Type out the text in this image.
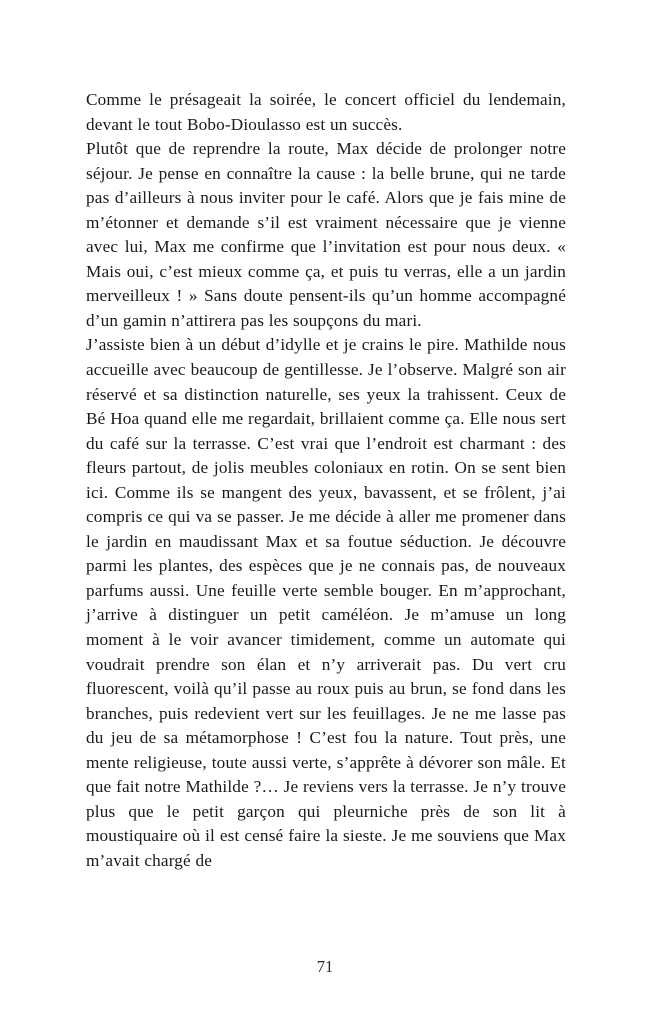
Comme le présageait la soirée, le concert officiel du lendemain, devant le tout Bobo-Dioulasso est un succès.

Plutôt que de reprendre la route, Max décide de prolonger notre séjour. Je pense en connaître la cause : la belle brune, qui ne tarde pas d’ailleurs à nous inviter pour le café. Alors que je fais mine de m’étonner et demande s’il est vraiment nécessaire que je vienne avec lui, Max me confirme que l’invitation est pour nous deux. « Mais oui, c’est mieux comme ça, et puis tu verras, elle a un jardin merveilleux ! » Sans doute pensent-ils qu’un homme accompagné d’un gamin n’attirera pas les soupçons du mari.

J’assiste bien à un début d’idylle et je crains le pire. Mathilde nous accueille avec beaucoup de gentillesse. Je l’observe. Malgré son air réservé et sa distinction naturelle, ses yeux la trahissent. Ceux de Bé Hoa quand elle me regardait, brillaient comme ça. Elle nous sert du café sur la terrasse. C’est vrai que l’endroit est charmant : des fleurs partout, de jolis meubles coloniaux en rotin. On se sent bien ici. Comme ils se mangent des yeux, bavassent, et se frôlent, j’ai compris ce qui va se passer. Je me décide à aller me promener dans le jardin en maudissant Max et sa foutue séduction. Je découvre parmi les plantes, des espèces que je ne connais pas, de nouveaux parfums aussi. Une feuille verte semble bouger. En m’approchant, j’arrive à distinguer un petit caméléon. Je m’amuse un long moment à le voir avancer timidement, comme un automate qui voudrait prendre son élan et n’y arriverait pas. Du vert cru fluorescent, voilà qu’il passe au roux puis au brun, se fond dans les branches, puis redevient vert sur les feuillages. Je ne me lasse pas du jeu de sa métamorphose ! C’est fou la nature. Tout près, une mente religieuse, toute aussi verte, s’apprête à dévorer son mâle. Et que fait notre Mathilde ?… Je reviens vers la terrasse. Je n’y trouve plus que le petit garçon qui pleurniche près de son lit à moustiquaire où il est censé faire la sieste. Je me souviens que Max m’avait chargé de

71
